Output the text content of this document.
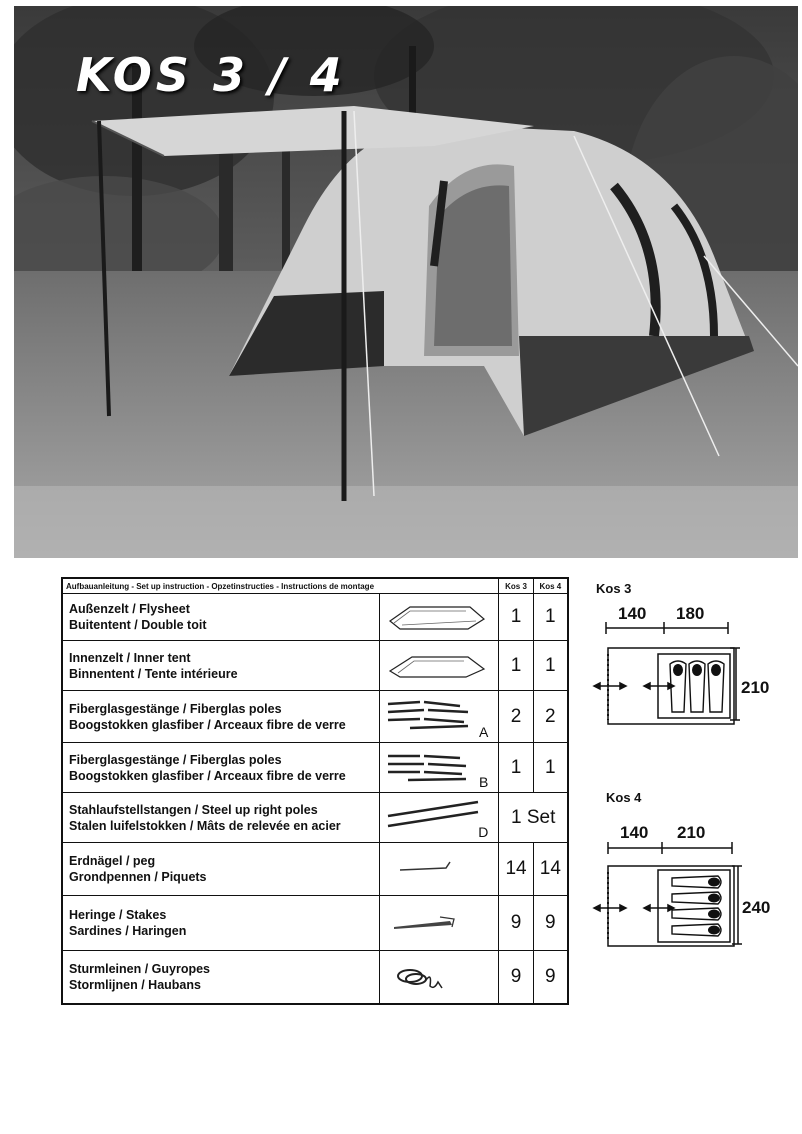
KOS 3 / 4
Aufbauanleitung - Set up instruction - Opzetinstructies - Instructions de montage		Kos 3	Kos 4

Außenzelt / Flysheet
Buitentent / Double toit		1	1

Innenzelt / Inner tent
Binnentent / Tente intérieure		1	1

Fiberglasgestänge / Fiberglas poles
Boogstokken glasfiber / Arceaux fibre de verre	A	2	2

Fiberglasgestänge / Fiberglas poles
Boogstokken glasfiber / Arceaux fibre de verre	B	1	1

Stahlaufstellstangen / Steel up right poles
Stalen luifelstokken / Mâts de relevée en acier	D	1 Set	

Erdnägel / peg
Grondpennen / Piquets		14	14

Heringe / Stakes
Sardines / Haringen		9	9

Sturmleinen / Guyropes
Stormlijnen / Haubans		9	9
Kos 3
140 180
210
Kos 4
140 210
240
